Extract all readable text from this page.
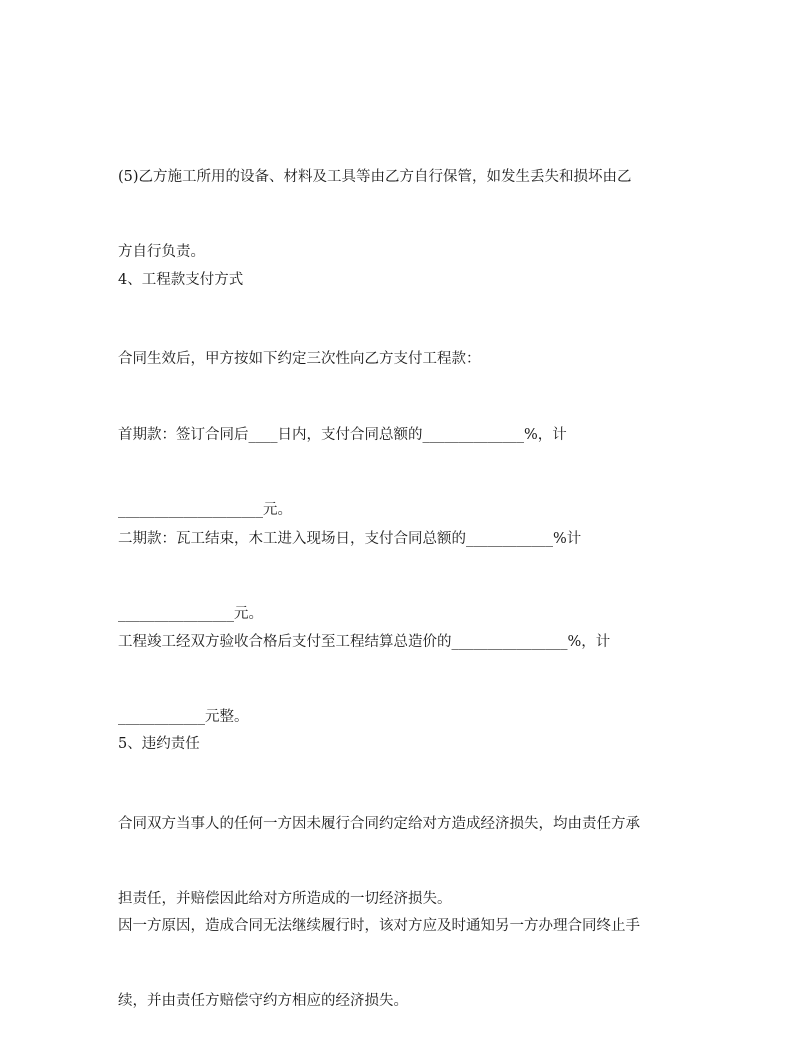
(5)乙方施工所用的设备、材料及工具等由乙方自行保管，如发生丢失和损坏由乙

方自行负责。

4、工程款支付方式

合同生效后，甲方按如下约定三次性向乙方支付工程款：

首期款：签订合同后____日内，支付合同总额的______________%，计

____________________元。

二期款：瓦工结束，木工进入现场日，支付合同总额的____________%计

________________元。

工程竣工经双方验收合格后支付至工程结算总造价的________________%，计

____________元整。

5、违约责任

合同双方当事人的任何一方因未履行合同约定给对方造成经济损失，均由责任方承

担责任，并赔偿因此给对方所造成的一切经济损失。

因一方原因，造成合同无法继续履行时，该对方应及时通知另一方办理合同终止手

续，并由责任方赔偿守约方相应的经济损失。
